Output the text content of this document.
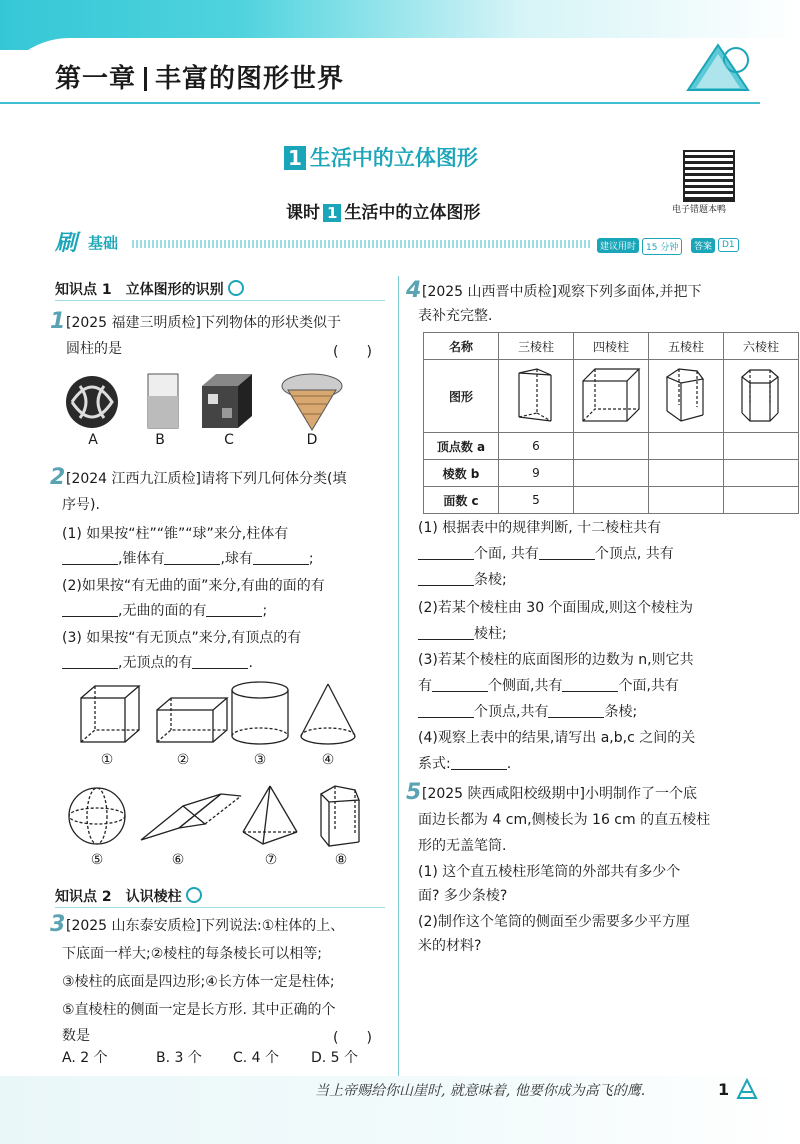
第一章 丰富的图形世界
1 生活中的立体图形
课时 1 生活中的立体图形	电子错题本鸭
刷 基础	建议用时	15 分钟	答案	D1
知识点 1　立体图形的识别
1 [2025 福建三明质检]下列物体的形状类似于
圆柱的是	(　　)
A	B	C	D
2 [2024 江西九江质检]请将下列几何体分类(填
序号).
(1) 如果按“柱”“锥”“球”来分,柱体有
,锥体有	,球有	;
(2)如果按“有无曲的面”来分,有曲的面的有
,无曲的面的有	;
(3) 如果按“有无顶点”来分,有顶点的有
,无顶点的有	.
①	②	③	④
⑤	⑥	⑦	⑧
知识点 2　认识棱柱
3 [2025 山东泰安质检]下列说法:①柱体的上、
下底面一样大;②棱柱的每条棱长可以相等;
③棱柱的底面是四边形;④长方体一定是柱体;
⑤直棱柱的侧面一定是长方形. 其中正确的个
数是	(　　)
A. 2 个	B. 3 个 C. 4 个 D. 5 个
4 [2025 山西晋中质检]观察下列多面体,并把下
表补充完整.
名称	三棱柱	四棱柱	五棱柱	六棱柱
图形				
顶点数 a	6			
棱数 b	9			
面数 c	5			
(1) 根据表中的规律判断, 十二棱柱共有
个面, 共有	个顶点, 共有
条棱;
(2)若某个棱柱由 30 个面围成,则这个棱柱为
棱柱;
(3)若某个棱柱的底面图形的边数为 n,则它共
有	个侧面,共有	个面,共有
个顶点,共有	条棱;
(4)观察上表中的结果,请写出 a,b,c 之间的关
系式:	.
5 [2025 陕西咸阳校级期中]小明制作了一个底
面边长都为 4 cm,侧棱长为 16 cm 的直五棱柱
形的无盖笔筒.
(1) 这个直五棱柱形笔筒的外部共有多少个
面? 多少条棱?
(2)制作这个笔筒的侧面至少需要多少平方厘
米的材料?
当上帝赐给你山崖时, 就意味着, 他要你成为高飞的鹰.	1
